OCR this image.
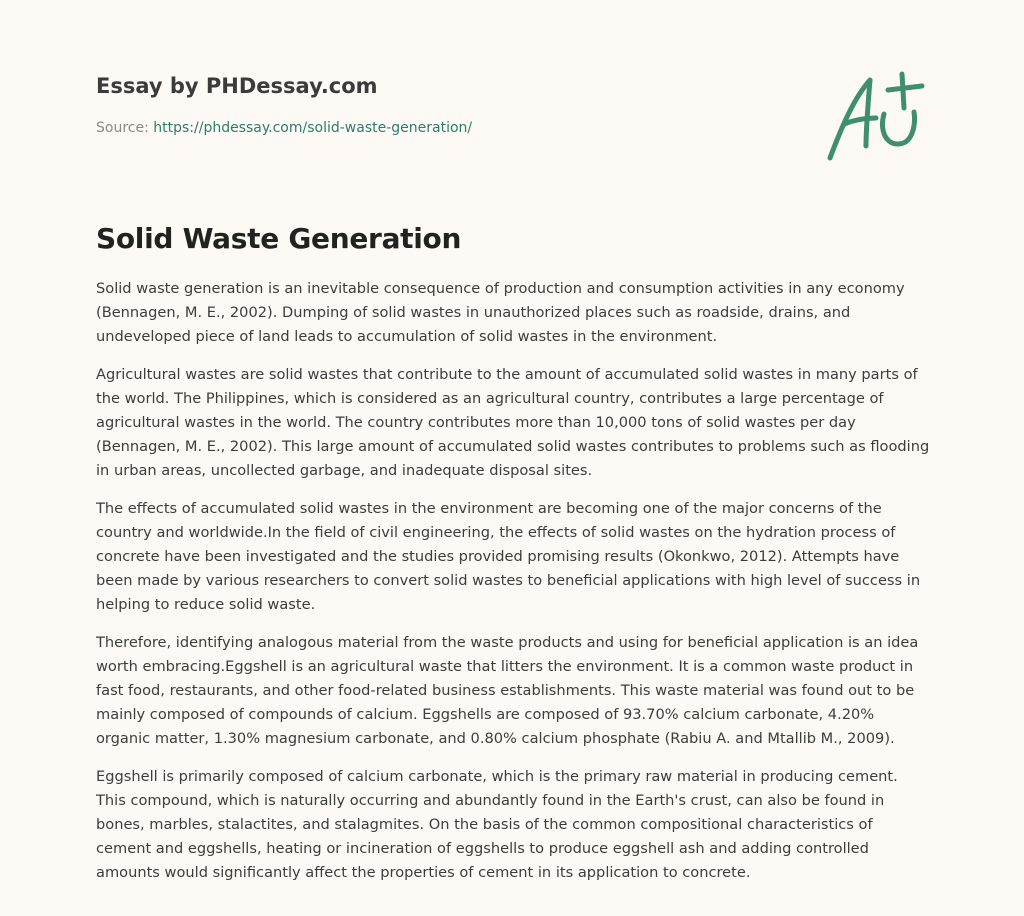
Essay by PHDessay.com
Source: https://phdessay.com/solid-waste-generation/
Solid Waste Generation

Solid waste generation is an inevitable consequence of production and consumption activities in any economy (Bennagen, M. E., 2002). Dumping of solid wastes in unauthorized places such as roadside, drains, and undeveloped piece of land leads to accumulation of solid wastes in the environment.

Agricultural wastes are solid wastes that contribute to the amount of accumulated solid wastes in many parts of the world. The Philippines, which is considered as an agricultural country, contributes a large percentage of agricultural wastes in the world. The country contributes more than 10,000 tons of solid wastes per day (Bennagen, M. E., 2002). This large amount of accumulated solid wastes contributes to problems such as flooding in urban areas, uncollected garbage, and inadequate disposal sites.

The effects of accumulated solid wastes in the environment are becoming one of the major concerns of the country and worldwide.In the field of civil engineering, the effects of solid wastes on the hydration process of concrete have been investigated and the studies provided promising results (Okonkwo, 2012). Attempts have been made by various researchers to convert solid wastes to beneficial applications with high level of success in helping to reduce solid waste.

Therefore, identifying analogous material from the waste products and using for beneficial application is an idea worth embracing.Eggshell is an agricultural waste that litters the environment. It is a common waste product in fast food, restaurants, and other food-related business establishments. This waste material was found out to be mainly composed of compounds of calcium. Eggshells are composed of 93.70% calcium carbonate, 4.20% organic matter, 1.30% magnesium carbonate, and 0.80% calcium phosphate (Rabiu A. and Mtallib M., 2009).

Eggshell is primarily composed of calcium carbonate, which is the primary raw material in producing cement. This compound, which is naturally occurring and abundantly found in the Earth's crust, can also be found in bones, marbles, stalactites, and stalagmites. On the basis of the common compositional characteristics of cement and eggshells, heating or incineration of eggshells to produce eggshell ash and adding controlled amounts would significantly affect the properties of cement in its application to concrete.
